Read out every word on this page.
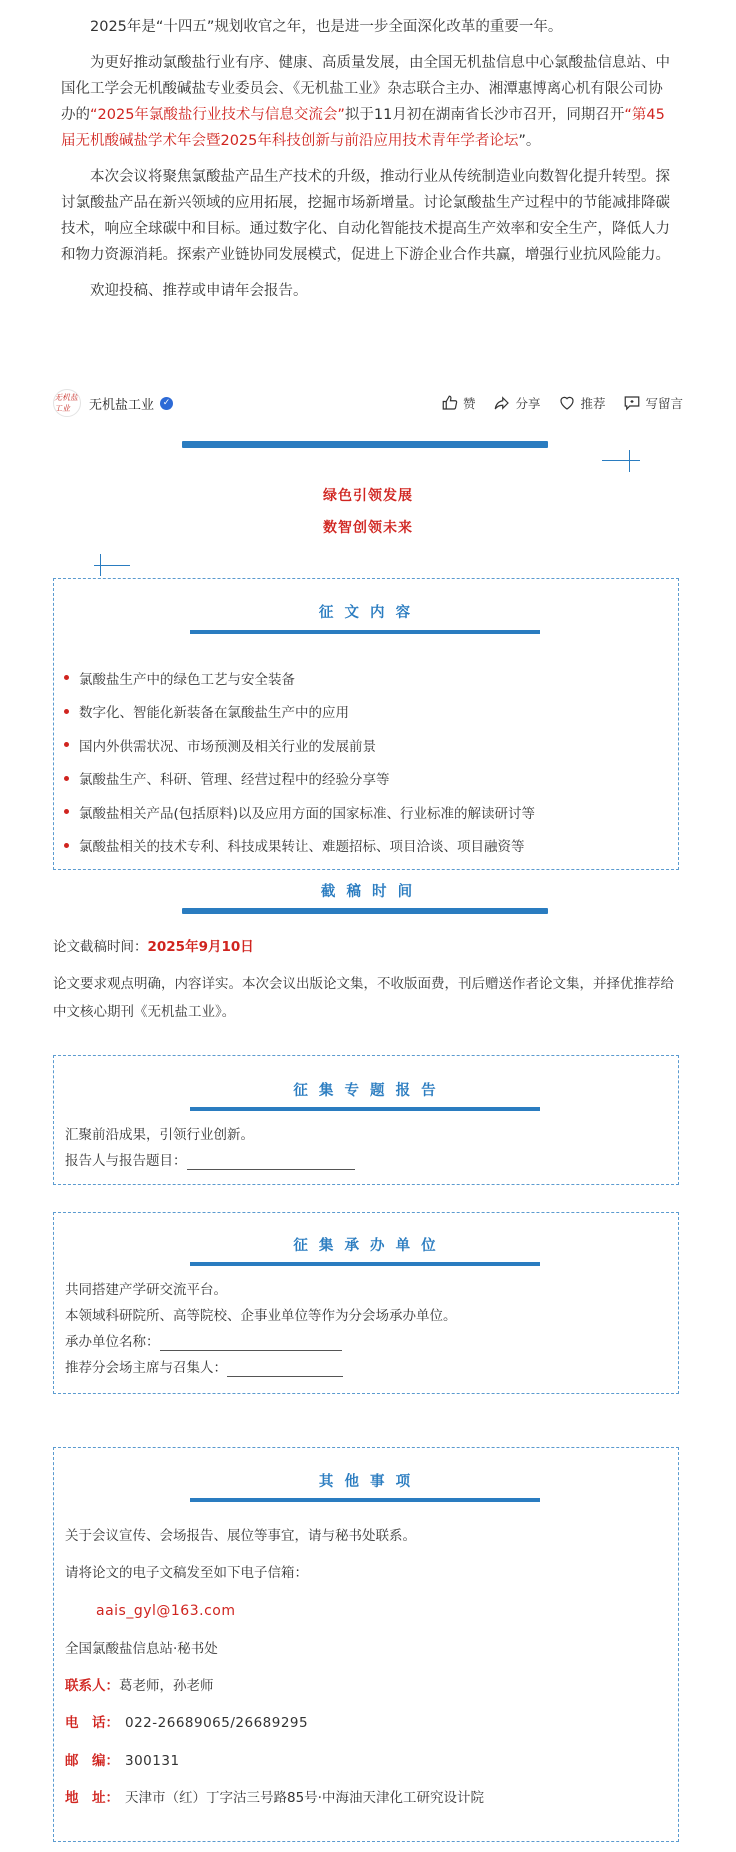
2025年是“十四五”规划收官之年，也是进一步全面深化改革的重要一年。

为更好推动氯酸盐行业有序、健康、高质量发展，由全国无机盐信息中心氯酸盐信息站、中国化工学会无机酸碱盐专业委员会、《无机盐工业》杂志联合主办、湘潭惠博离心机有限公司协办的“2025年氯酸盐行业技术与信息交流会”拟于11月初在湖南省长沙市召开，同期召开“第45届无机酸碱盐学术年会暨2025年科技创新与前沿应用技术青年学者论坛”。

本次会议将聚焦氯酸盐产品生产技术的升级，推动行业从传统制造业向数智化提升转型。探讨氯酸盐产品在新兴领域的应用拓展，挖掘市场新增量。讨论氯酸盐生产过程中的节能减排降碳技术，响应全球碳中和目标。通过数字化、自动化智能技术提高生产效率和安全生产，降低人力和物力资源消耗。探索产业链协同发展模式，促进上下游企业合作共赢，增强行业抗风险能力。

欢迎投稿、推荐或申请年会报告。

无机盐工业	无机盐工业 ✓	赞	分享	推荐	写留言
绿色引领发展
数智创领未来
征 文 内 容
氯酸盐生产中的绿色工艺与安全装备
数字化、智能化新装备在氯酸盐生产中的应用
国内外供需状况、市场预测及相关行业的发展前景
氯酸盐生产、科研、管理、经营过程中的经验分享等
氯酸盐相关产品(包括原料)以及应用方面的国家标准、行业标准的解读研讨等
氯酸盐相关的技术专利、科技成果转让、难题招标、项目洽谈、项目融资等
截 稿 时 间
论文截稿时间：2025年9月10日
论文要求观点明确，内容详实。本次会议出版论文集，不收版面费，刊后赠送作者论文集，并择优推荐给中文核心期刊《无机盐工业》。
征 集 专 题 报 告
汇聚前沿成果，引领行业创新。
报告人与报告题目：
征 集 承 办 单 位
共同搭建产学研交流平台。
本领域科研院所、高等院校、企事业单位等作为分会场承办单位。
承办单位名称：
推荐分会场主席与召集人：
其 他 事 项
关于会议宣传、会场报告、展位等事宜，请与秘书处联系。
请将论文的电子文稿发至如下电子信箱：
aais_gyl@163.com
全国氯酸盐信息站·秘书处
联系人：葛老师，孙老师
电　话： 022-26689065/26689295
邮　编： 300131
地　址： 天津市（红）丁字沽三号路85号·中海油天津化工研究设计院
